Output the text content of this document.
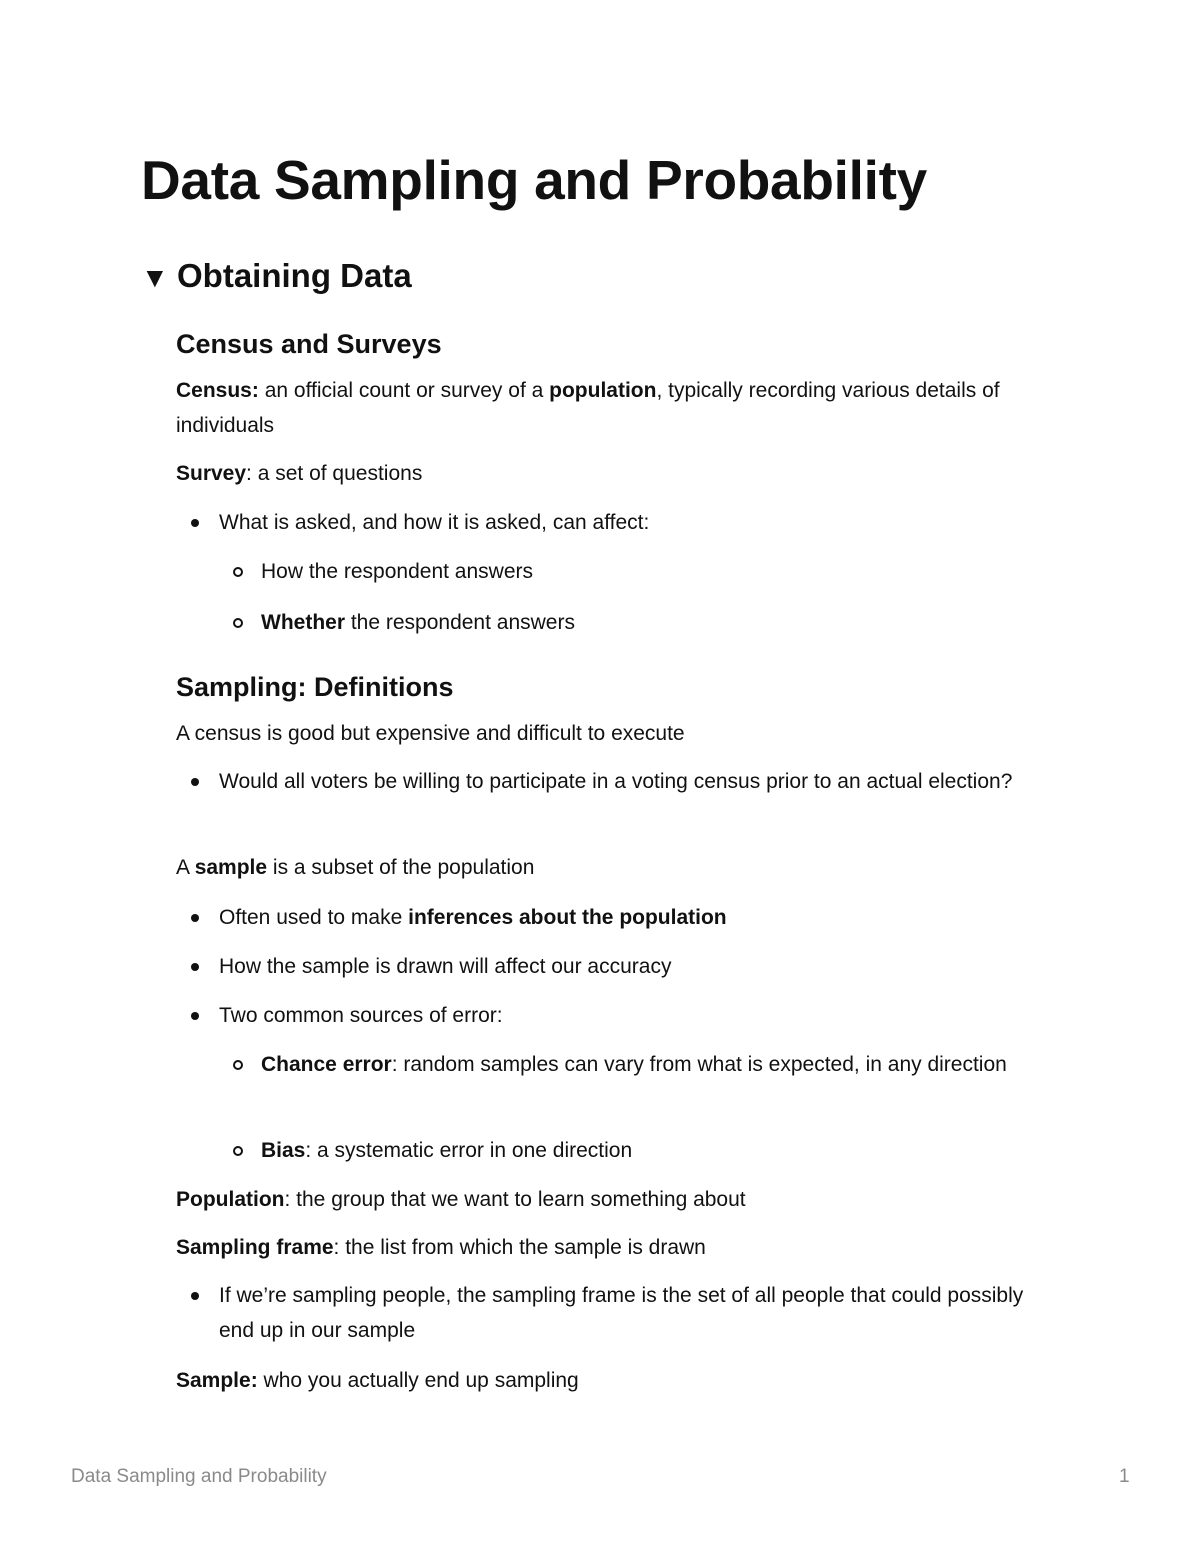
Data Sampling and Probability
▼ Obtaining Data
Census and Surveys

Census: an official count or survey of a population, typically recording various details of individuals

Survey: a set of questions

What is asked, and how it is asked, can affect:
How the respondent answers
Whether the respondent answers
Sampling: Definitions

A census is good but expensive and difficult to execute

Would all voters be willing to participate in a voting census prior to an actual election?

A sample is a subset of the population

Often used to make inferences about the population
How the sample is drawn will affect our accuracy
Two common sources of error:
Chance error: random samples can vary from what is expected, in any direction
Bias: a systematic error in one direction

Population: the group that we want to learn something about

Sampling frame: the list from which the sample is drawn

If we’re sampling people, the sampling frame is the set of all people that could possibly end up in our sample

Sample: who you actually end up sampling

Data Sampling and Probability	1
